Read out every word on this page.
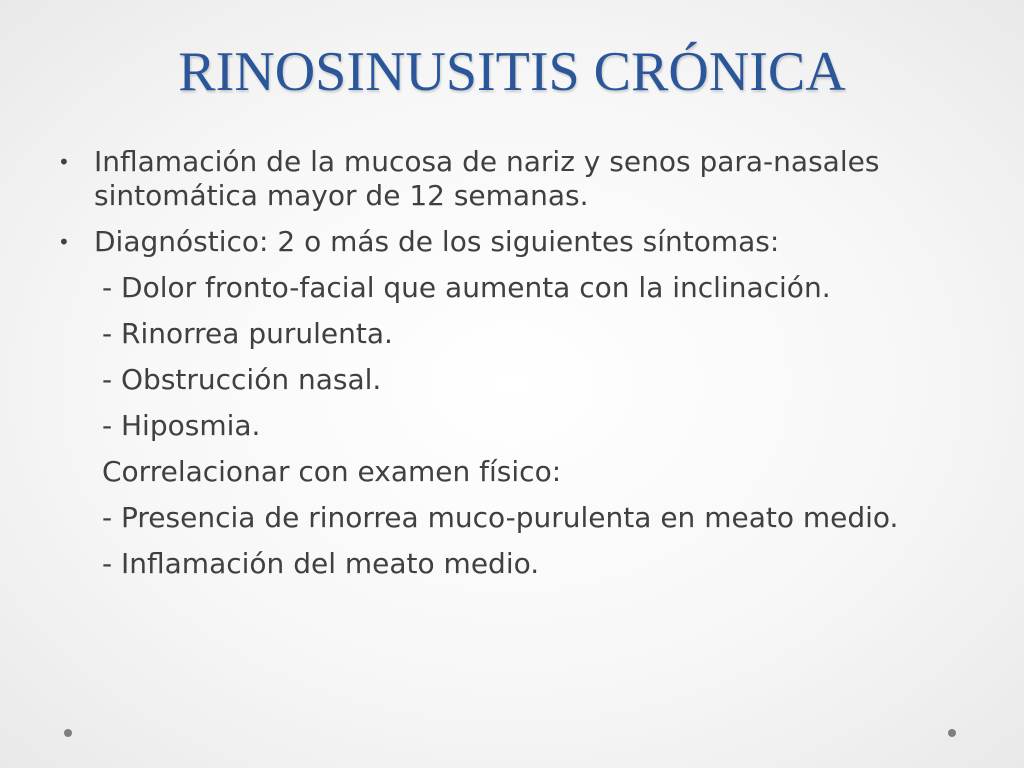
RINOSINUSITIS CRÓNICA
• Inflamación de la mucosa de nariz y senos para-nasales sintomática mayor de 12 semanas.
• Diagnóstico: 2 o más de los siguientes síntomas:
- Dolor fronto-facial que aumenta con la inclinación.
- Rinorrea purulenta.
- Obstrucción nasal.
- Hiposmia.
Correlacionar con examen físico:
- Presencia de rinorrea muco-purulenta en meato medio.
- Inflamación del meato medio.
